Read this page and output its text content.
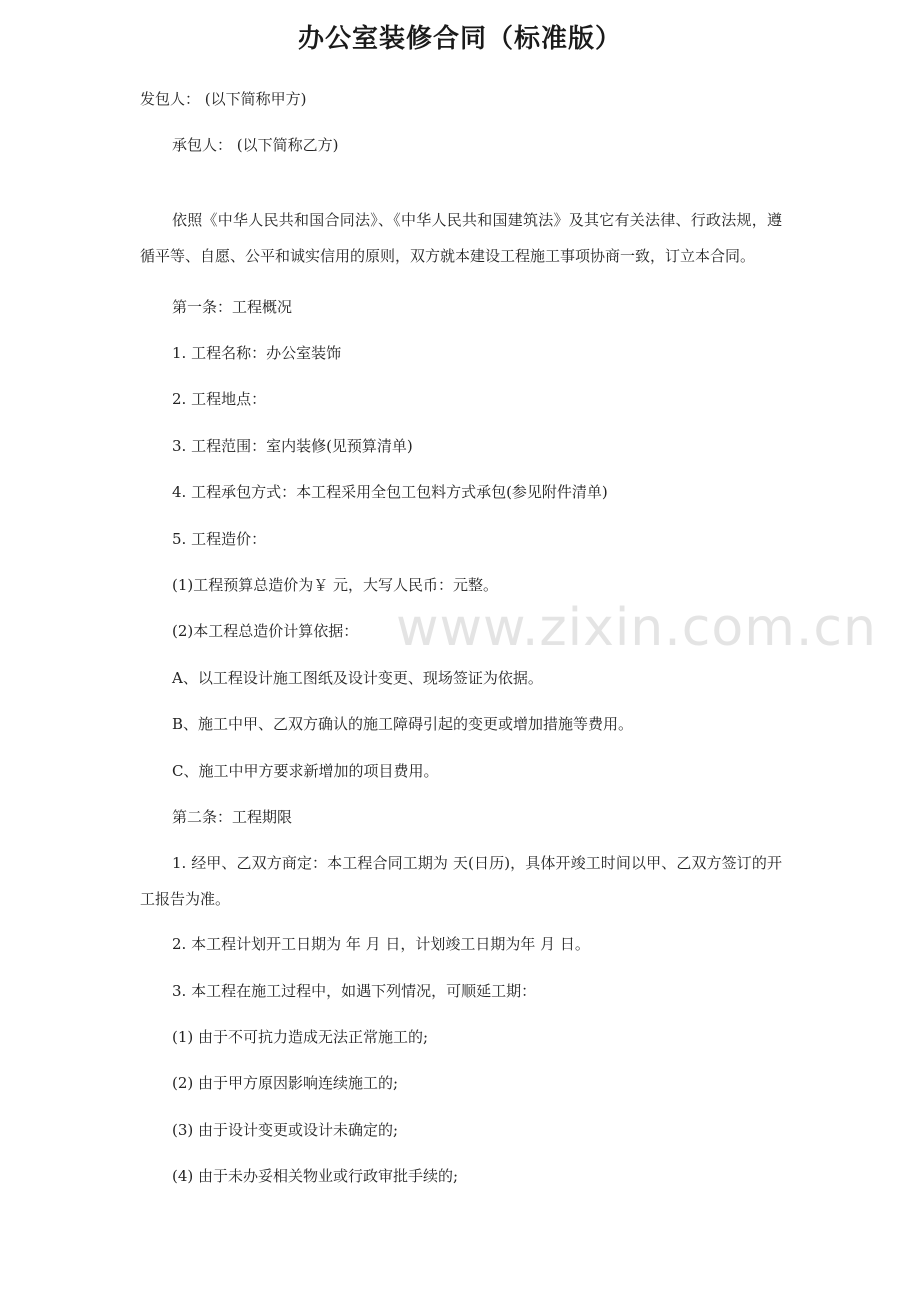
办公室装修合同（标准版）
www.zixin.com.cn
发包人： (以下简称甲方)
承包人： (以下简称乙方)
依照《中华人民共和国合同法》、《中华人民共和国建筑法》及其它有关法律、行政法规，遵循平等、自愿、公平和诚实信用的原则，双方就本建设工程施工事项协商一致，订立本合同。
第一条：工程概况
1. 工程名称：办公室装饰
2. 工程地点：
3. 工程范围：室内装修(见预算清单)
4. 工程承包方式：本工程采用全包工包料方式承包(参见附件清单)
5. 工程造价：
(1)工程预算总造价为￥ 元，大写人民币：元整。
(2)本工程总造价计算依据：
A、以工程设计施工图纸及设计变更、现场签证为依据。
B、施工中甲、乙双方确认的施工障碍引起的变更或增加措施等费用。
C、施工中甲方要求新增加的项目费用。
第二条：工程期限
1. 经甲、乙双方商定：本工程合同工期为 天(日历)，具体开竣工时间以甲、乙双方签订的开工报告为准。
2. 本工程计划开工日期为 年 月 日，计划竣工日期为年 月 日。
3. 本工程在施工过程中，如遇下列情况，可顺延工期：
(1) 由于不可抗力造成无法正常施工的;
(2) 由于甲方原因影响连续施工的;
(3) 由于设计变更或设计未确定的;
(4) 由于未办妥相关物业或行政审批手续的;
